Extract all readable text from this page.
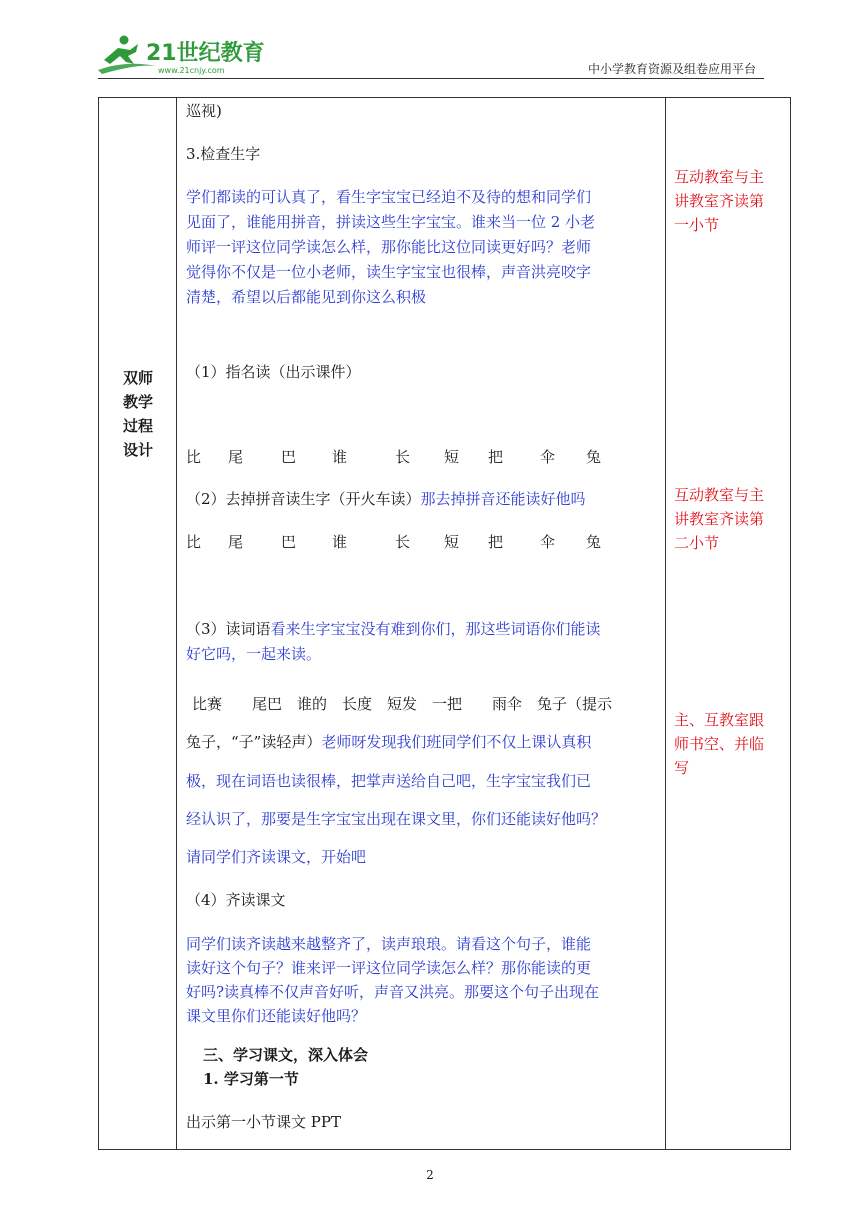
21世纪教育
www.21cnjy.com	中小学教育资源及组卷应用平台
双师
教学
过程
设计
巡视)
3.检查生字
学们都读的可认真了，看生字宝宝已经迫不及待的想和同学们
见面了，谁能用拼音，拼读这些生字宝宝。谁来当一位 2 小老
师评一评这位同学读怎么样，那你能比这位同读更好吗？老师
觉得你不仅是一位小老师，读生字宝宝也很棒，声音洪亮咬字
清楚，希望以后都能见到你这么积极
（1）指名读（出示课件）
比 尾	巴 谁	长 短 把 伞 兔
（2）去掉拼音读生字（开火车读）那去掉拼音还能读好他吗
比 尾	巴 谁	长 短 把 伞 兔
（3）读词语看来生字宝宝没有难到你们，那这些词语你们能读
好它吗，一起来读。
比赛　　尾巴　谁的　长度　短发　一把　　雨伞　兔子（提示
兔子，“子”读轻声）老师呀发现我们班同学们不仅上课认真积
极，现在词语也读很棒，把掌声送给自己吧，生字宝宝我们已
经认识了，那要是生字宝宝出现在课文里，你们还能读好他吗？
请同学们齐读课文，开始吧
（4）齐读课文
同学们读齐读越来越整齐了，读声琅琅。请看这个句子，谁能
读好这个句子？谁来评一评这位同学读怎么样？那你能读的更
好吗?读真棒不仅声音好听，声音又洪亮。那要这个句子出现在
课文里你们还能读好他吗？
三、学习课文，深入体会
1. 学习第一节
出示第一小节课文 PPT
互动教室与主
讲教室齐读第
一小节
互动教室与主
讲教室齐读第
二小节
主、互教室跟
师书空、并临
写
2
